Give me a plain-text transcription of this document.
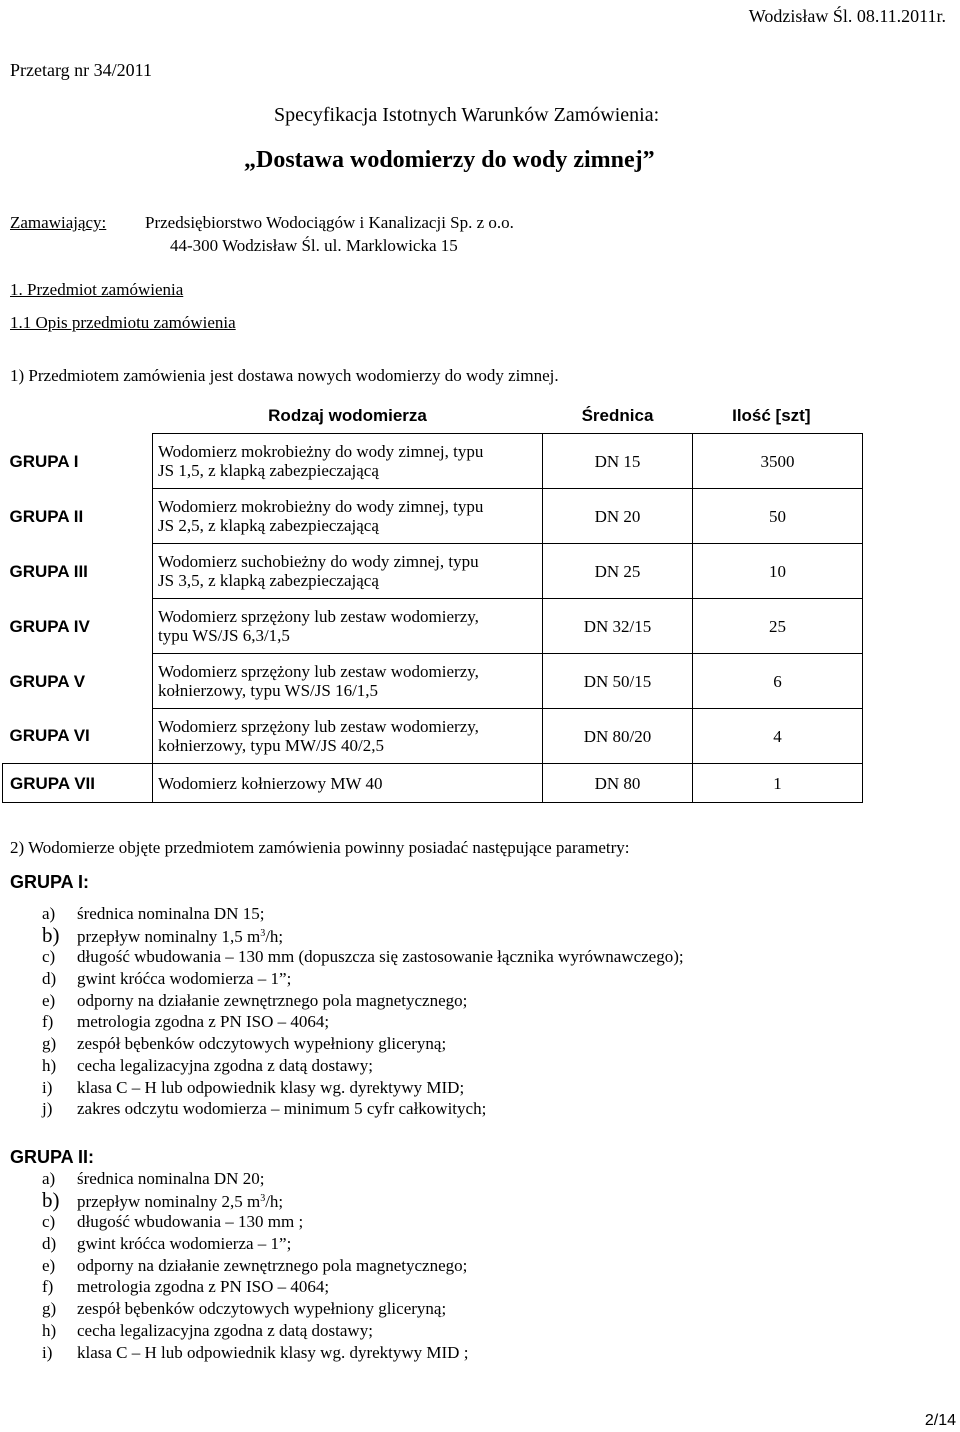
Wodzisław Śl. 08.11.2011r.
Przetarg nr 34/2011
Specyfikacja Istotnych Warunków Zamówienia:
„Dostawa wodomierzy do wody zimnej”
Zamawiający: Przedsiębiorstwo Wodociągów i Kanalizacji Sp. z o.o.
44-300 Wodzisław Śl. ul. Marklowicka 15
1. Przedmiot zamówienia
1.1 Opis przedmiotu zamówienia
1) Przedmiotem zamówienia jest dostawa nowych wodomierzy do wody zimnej.
	Rodzaj wodomierza	Średnica	Ilość [szt]
GRUPA I	Wodomierz mokrobieżny do wody zimnej, typu
JS 1,5, z klapką zabezpieczającą	DN 15	3500
GRUPA II	Wodomierz mokrobieżny do wody zimnej, typu
JS 2,5, z klapką zabezpieczającą	DN 20	50
GRUPA III	Wodomierz suchobieżny do wody zimnej, typu
JS 3,5, z klapką zabezpieczającą	DN 25	10
GRUPA IV	Wodomierz sprzężony lub zestaw wodomierzy,
typu WS/JS 6,3/1,5	DN 32/15	25
GRUPA V	Wodomierz sprzężony lub zestaw wodomierzy,
kołnierzowy, typu WS/JS 16/1,5	DN 50/15	6
GRUPA VI	Wodomierz sprzężony lub zestaw wodomierzy,
kołnierzowy, typu MW/JS 40/2,5	DN 80/20	4
GRUPA VII	Wodomierz kołnierzowy MW 40	DN 80	1
2) Wodomierze objęte przedmiotem zamówienia powinny posiadać następujące parametry:
GRUPA I:
a) średnica nominalna DN 15;
b) przepływ nominalny 1,5 $m^3/h$;
c) długość wbudowania – 130 mm (dopuszcza się zastosowanie łącznika wyrównawczego);
d) gwint króćca wodomierza – 1”;
e) odporny na działanie zewnętrznego pola magnetycznego;
f) metrologia zgodna z PN ISO – 4064;
g) zespół bębenków odczytowych wypełniony gliceryną;
h) cecha legalizacyjna zgodna z datą dostawy;
i) klasa C – H lub odpowiednik klasy wg. dyrektywy MID;
j) zakres odczytu wodomierza – minimum 5 cyfr całkowitych;
GRUPA II:
a) średnica nominalna DN 20;
b) przepływ nominalny 2,5 $m^3/h$;
c) długość wbudowania – 130 mm ;
d) gwint króćca wodomierza – 1”;
e) odporny na działanie zewnętrznego pola magnetycznego;
f) metrologia zgodna z PN ISO – 4064;
g) zespół bębenków odczytowych wypełniony gliceryną;
h) cecha legalizacyjna zgodna z datą dostawy;
i) klasa C – H lub odpowiednik klasy wg. dyrektywy MID ;
2/14
